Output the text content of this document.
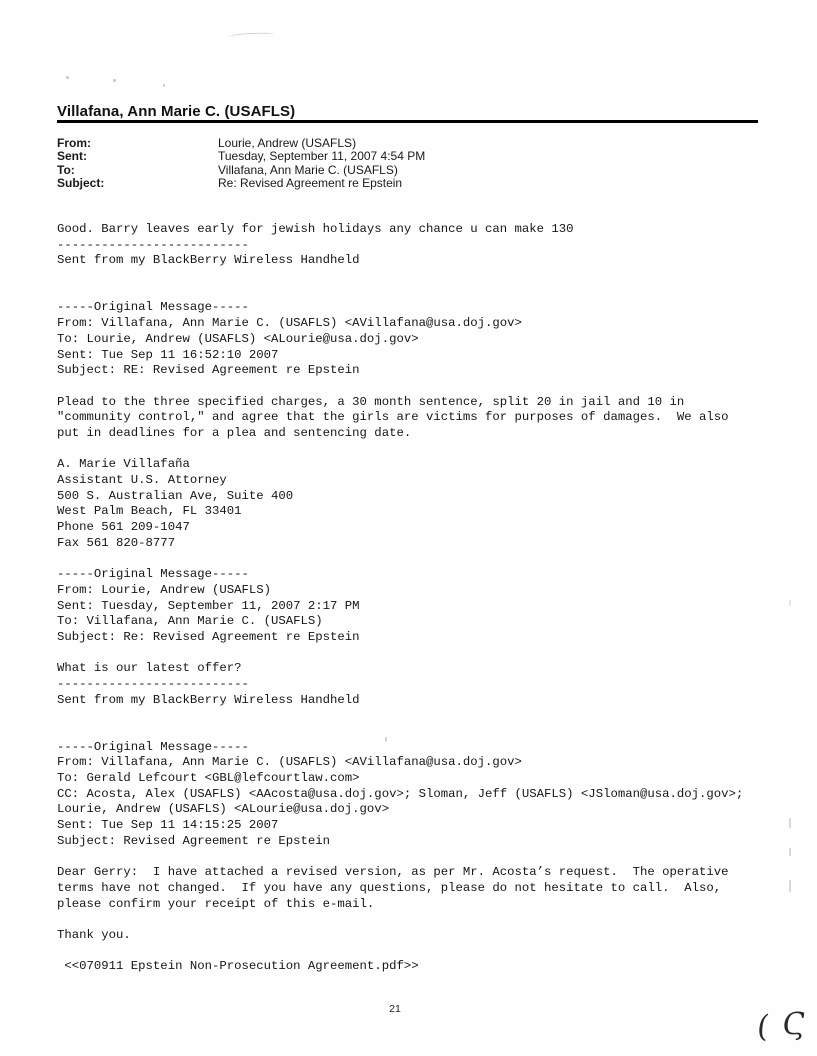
Villafana, Ann Marie C. (USAFLS)
From:	Lourie, Andrew (USAFLS)
Sent:	Tuesday, September 11, 2007 4:54 PM
To:	Villafana, Ann Marie C. (USAFLS)
Subject:	Re: Revised Agreement re Epstein
Good. Barry leaves early for jewish holidays any chance u can make 130
--------------------------
Sent from my BlackBerry Wireless Handheld

-----Original Message-----
From: Villafana, Ann Marie C. (USAFLS) <AVillafana@usa.doj.gov>
To: Lourie, Andrew (USAFLS) <ALourie@usa.doj.gov>
Sent: Tue Sep 11 16:52:10 2007
Subject: RE: Revised Agreement re Epstein

Plead to the three specified charges, a 30 month sentence, split 20 in jail and 10 in
"community control," and agree that the girls are victims for purposes of damages.  We also
put in deadlines for a plea and sentencing date.

A. Marie Villafaña
Assistant U.S. Attorney
500 S. Australian Ave, Suite 400
West Palm Beach, FL 33401
Phone 561 209-1047
Fax 561 820-8777

-----Original Message-----
From: Lourie, Andrew (USAFLS)
Sent: Tuesday, September 11, 2007 2:17 PM
To: Villafana, Ann Marie C. (USAFLS)
Subject: Re: Revised Agreement re Epstein

What is our latest offer?
--------------------------
Sent from my BlackBerry Wireless Handheld

-----Original Message-----
From: Villafana, Ann Marie C. (USAFLS) <AVillafana@usa.doj.gov>
To: Gerald Lefcourt <GBL@lefcourtlaw.com>
CC: Acosta, Alex (USAFLS) <AAcosta@usa.doj.gov>; Sloman, Jeff (USAFLS) <JSloman@usa.doj.gov>;
Lourie, Andrew (USAFLS) <ALourie@usa.doj.gov>
Sent: Tue Sep 11 14:15:25 2007
Subject: Revised Agreement re Epstein

Dear Gerry:  I have attached a revised version, as per Mr. Acosta’s request.  The operative
terms have not changed.  If you have any questions, please do not hesitate to call.  Also,
please confirm your receipt of this e-mail.

Thank you.

<<070911 Epstein Non-Prosecution Agreement.pdf>>
21	( Ϛ
